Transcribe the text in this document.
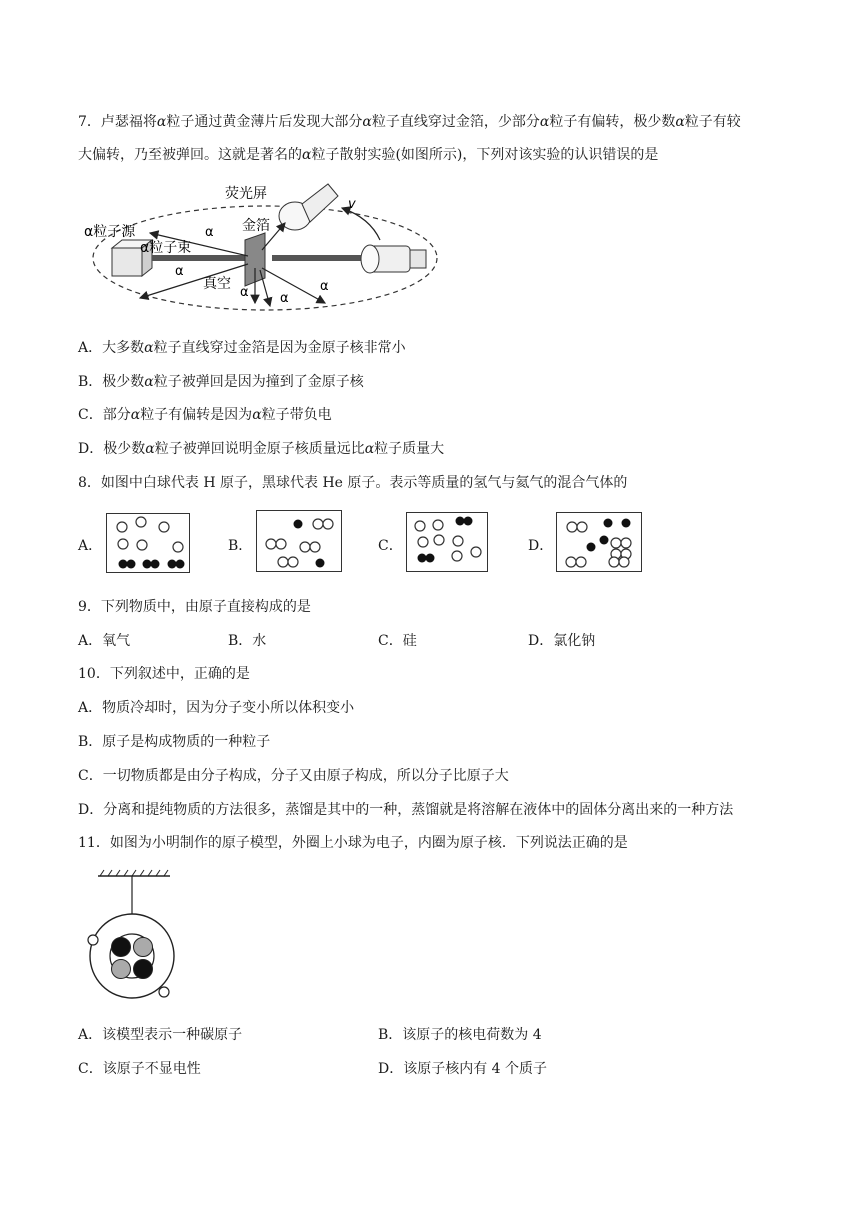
7．卢瑟福将α粒子通过黄金薄片后发现大部分α粒子直线穿过金箔，少部分α粒子有偏转，极少数α粒子有较
大偏转，乃至被弹回。这就是著名的α粒子散射实验(如图所示)，下列对该实验的认识错误的是
荧光屏
α粒子源
α粒子束
金箔
真空
v
α
α
α α
α
A．大多数α粒子直线穿过金箔是因为金原子核非常小
B．极少数α粒子被弹回是因为撞到了金原子核
C．部分α粒子有偏转是因为α粒子带负电
D．极少数α粒子被弹回说明金原子核质量远比α粒子质量大
8．如图中白球代表 H 原子，黑球代表 He 原子。表示等质量的氢气与氦气的混合气体的
A．	B．	C．	D．
9．下列物质中，由原子直接构成的是
A．氧气	B．水	C．硅	D．氯化钠
10．下列叙述中，正确的是
A．物质冷却时，因为分子变小所以体积变小
B．原子是构成物质的一种粒子
C．一切物质都是由分子构成，分子又由原子构成，所以分子比原子大
D．分离和提纯物质的方法很多，蒸馏是其中的一种，蒸馏就是将溶解在液体中的固体分离出来的一种方法
11．如图为小明制作的原子模型，外圈上小球为电子，内圈为原子核．下列说法正确的是
A．该模型表示一种碳原子	B．该原子的核电荷数为 4
C．该原子不显电性	D．该原子核内有 4 个质子
